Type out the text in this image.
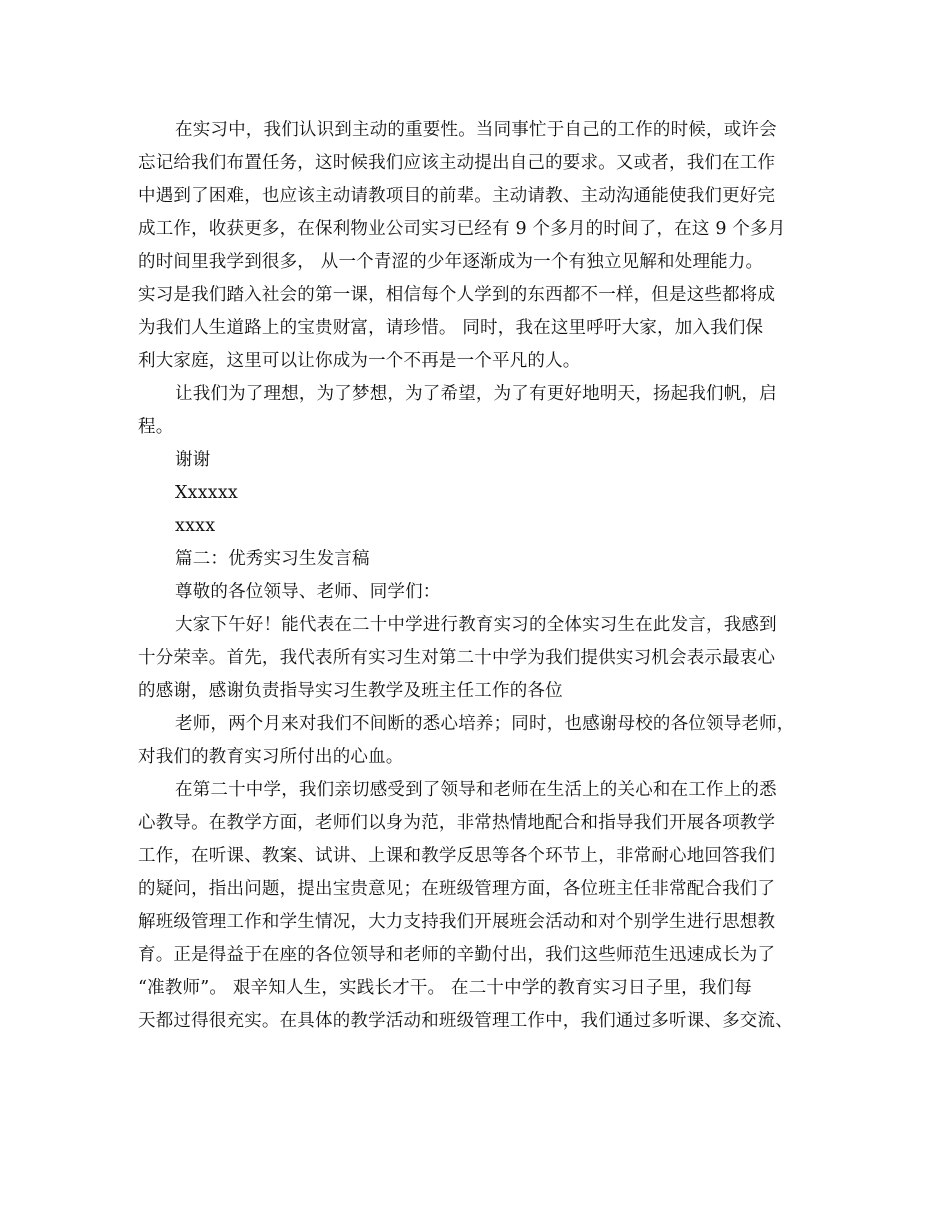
在实习中，我们认识到主动的重要性。当同事忙于自己的工作的时候，或许会
忘记给我们布置任务，这时候我们应该主动提出自己的要求。又或者，我们在工作
中遇到了困难，也应该主动请教项目的前辈。主动请教、主动沟通能使我们更好完
成工作，收获更多，在保利物业公司实习已经有 9 个多月的时间了，在这 9 个多月
的时间里我学到很多， 从一个青涩的少年逐渐成为一个有独立见解和处理能力。
实习是我们踏入社会的第一课，相信每个人学到的东西都不一样，但是这些都将成
为我们人生道路上的宝贵财富，请珍惜。 同时，我在这里呼吁大家，加入我们保
利大家庭，这里可以让你成为一个不再是一个平凡的人。
让我们为了理想，为了梦想，为了希望，为了有更好地明天，扬起我们帆，启
程。
谢谢
Xxxxxx
xxxx
篇二：优秀实习生发言稿
尊敬的各位领导、老师、同学们：
大家下午好！能代表在二十中学进行教育实习的全体实习生在此发言，我感到
十分荣幸。首先，我代表所有实习生对第二十中学为我们提供实习机会表示最衷心
的感谢，感谢负责指导实习生教学及班主任工作的各位
老师，两个月来对我们不间断的悉心培养；同时，也感谢母校的各位领导老师，
对我们的教育实习所付出的心血。
在第二十中学，我们亲切感受到了领导和老师在生活上的关心和在工作上的悉
心教导。在教学方面，老师们以身为范，非常热情地配合和指导我们开展各项教学
工作，在听课、教案、试讲、上课和教学反思等各个环节上，非常耐心地回答我们
的疑问，指出问题，提出宝贵意见；在班级管理方面，各位班主任非常配合我们了
解班级管理工作和学生情况，大力支持我们开展班会活动和对个别学生进行思想教
育。正是得益于在座的各位领导和老师的辛勤付出，我们这些师范生迅速成长为了
“准教师”。 艰辛知人生，实践长才干。 在二十中学的教育实习日子里，我们每
天都过得很充实。在具体的教学活动和班级管理工作中，我们通过多听课、多交流、
